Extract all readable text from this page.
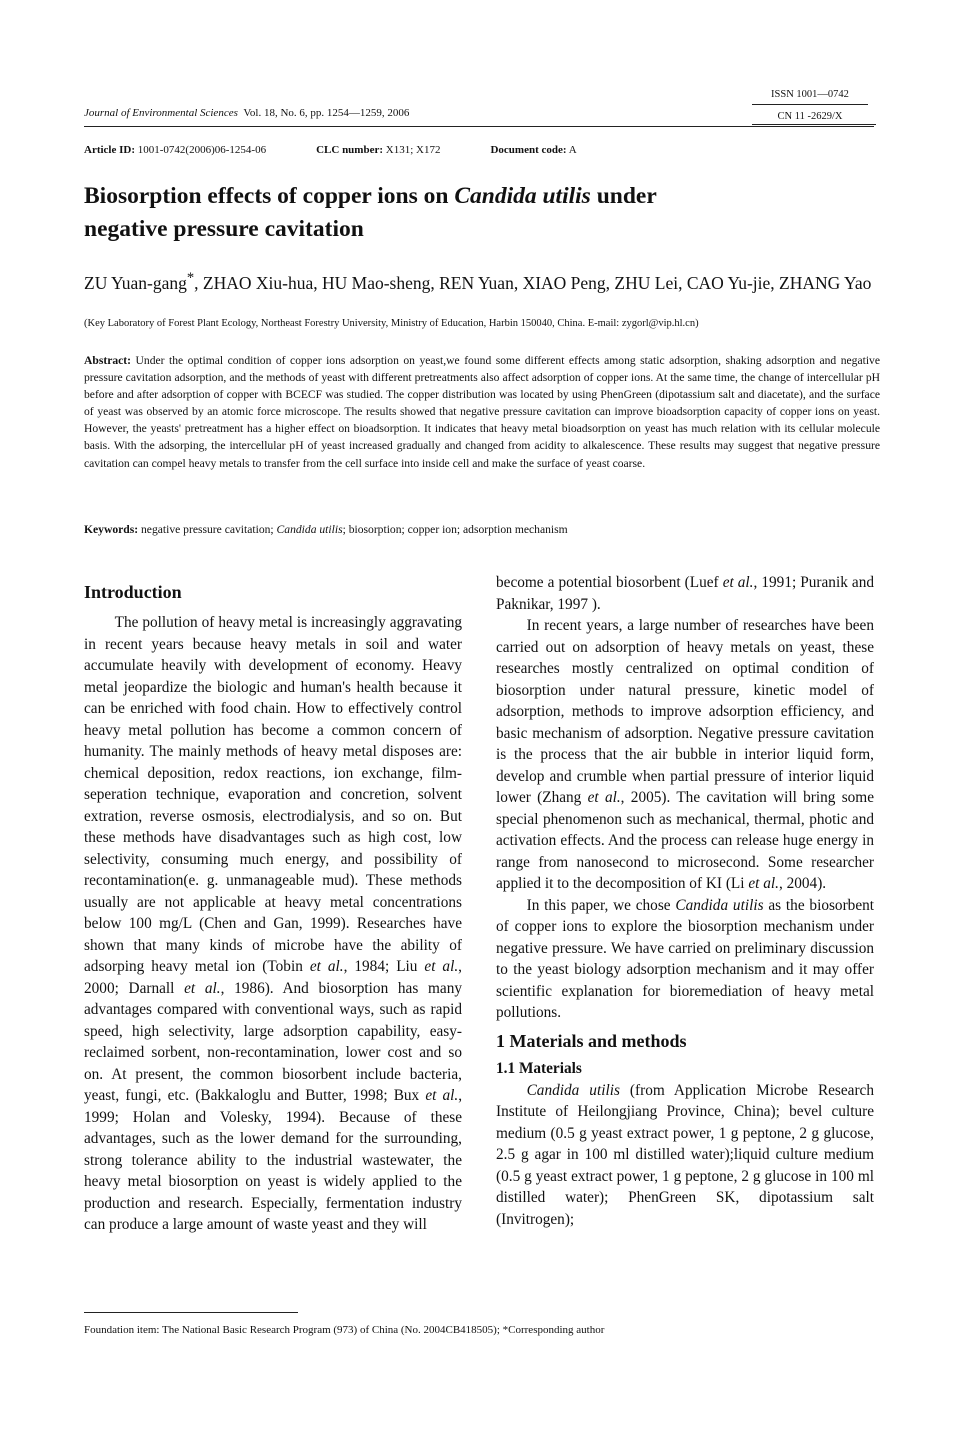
ISSN 1001—0742
CN 11 -2629/X
Journal of Environmental Sciences Vol. 18, No. 6, pp. 1254—1259, 2006
Article ID: 1001-0742(2006)06-1254-06	CLC number: X131; X172	Document code: A
Biosorption effects of copper ions on Candida utilis under
negative pressure cavitation
ZU Yuan-gang*, ZHAO Xiu-hua, HU Mao-sheng, REN Yuan, XIAO Peng, ZHU Lei, CAO Yu-jie, ZHANG Yao
(Key Laboratory of Forest Plant Ecology, Northeast Forestry University, Ministry of Education, Harbin 150040, China. E-mail: zygorl@vip.hl.cn)
Abstract: Under the optimal condition of copper ions adsorption on yeast,we found some different effects among static adsorption, shaking adsorption and negative pressure cavitation adsorption, and the methods of yeast with different pretreatments also affect adsorption of copper ions. At the same time, the change of intercellular pH before and after adsorption of copper with BCECF was studied. The copper distribution was located by using PhenGreen (dipotassium salt and diacetate), and the surface of yeast was observed by an atomic force microscope. The results showed that negative pressure cavitation can improve bioadsorption capacity of copper ions on yeast. However, the yeasts' pretreatment has a higher effect on bioadsorption. It indicates that heavy metal bioadsorption on yeast has much relation with its cellular molecule basis. With the adsorping, the intercellular pH of yeast increased gradually and changed from acidity to alkalescence. These results may suggest that negative pressure cavitation can compel heavy metals to transfer from the cell surface into inside cell and make the surface of yeast coarse.
Keywords: negative pressure cavitation; Candida utilis; biosorption; copper ion; adsorption mechanism
Introduction

The pollution of heavy metal is increasingly aggravating in recent years because heavy metals in soil and water accumulate heavily with development of economy. Heavy metal jeopardize the biologic and human's health because it can be enriched with food chain. How to effectively control heavy metal pollution has become a common concern of humanity. The mainly methods of heavy metal disposes are: chemical deposition, redox reactions, ion exchange, film-seperation technique, evaporation and concretion, solvent extration, reverse osmosis, electrodialysis, and so on. But these methods have disadvantages such as high cost, low selectivity, consuming much energy, and possibility of recontamination(e. g. unmanageable mud). These methods usually are not applicable at heavy metal concentrations below 100 mg/L (Chen and Gan, 1999). Researches have shown that many kinds of microbe have the ability of adsorping heavy metal ion (Tobin et al., 1984; Liu et al., 2000; Darnall et al., 1986). And biosorption has many advantages compared with conventional ways, such as rapid speed, high selectivity, large adsorption capability, easy-reclaimed sorbent, non-recontamination, lower cost and so on. At present, the common biosorbent include bacteria, yeast, fungi, etc. (Bakkaloglu and Butter, 1998; Bux et al., 1999; Holan and Volesky, 1994). Because of these advantages, such as the lower demand for the surrounding, strong tolerance ability to the industrial wastewater, the heavy metal biosorption on yeast is widely applied to the production and research. Especially, fermentation industry can produce a large amount of waste yeast and they will

become a potential biosorbent (Luef et al., 1991; Puranik and Paknikar, 1997 ).

In recent years, a large number of researches have been carried out on adsorption of heavy metals on yeast, these researches mostly centralized on optimal condition of biosorption under natural pressure, kinetic model of adsorption, methods to improve adsorption efficiency, and basic mechanism of adsorption. Negative pressure cavitation is the process that the air bubble in interior liquid form, develop and crumble when partial pressure of interior liquid lower (Zhang et al., 2005). The cavitation will bring some special phenomenon such as mechanical, thermal, photic and activation effects. And the process can release huge energy in range from nanosecond to microsecond. Some researcher applied it to the decomposition of KI (Li et al., 2004).

In this paper, we chose Candida utilis as the biosorbent of copper ions to explore the biosorption mechanism under negative pressure. We have carried on preliminary discussion to the yeast biology adsorption mechanism and it may offer scientific explanation for bioremediation of heavy metal pollutions.

1 Materials and methods
1.1 Materials

Candida utilis (from Application Microbe Research Institute of Heilongjiang Province, China); bevel culture medium (0.5 g yeast extract power, 1 g peptone, 2 g glucose, 2.5 g agar in 100 ml distilled water);liquid culture medium (0.5 g yeast extract power, 1 g peptone, 2 g glucose in 100 ml distilled water); PhenGreen SK, dipotassium salt (Invitrogen);

Foundation item: The National Basic Research Program (973) of China (No. 2004CB418505); *Corresponding author
